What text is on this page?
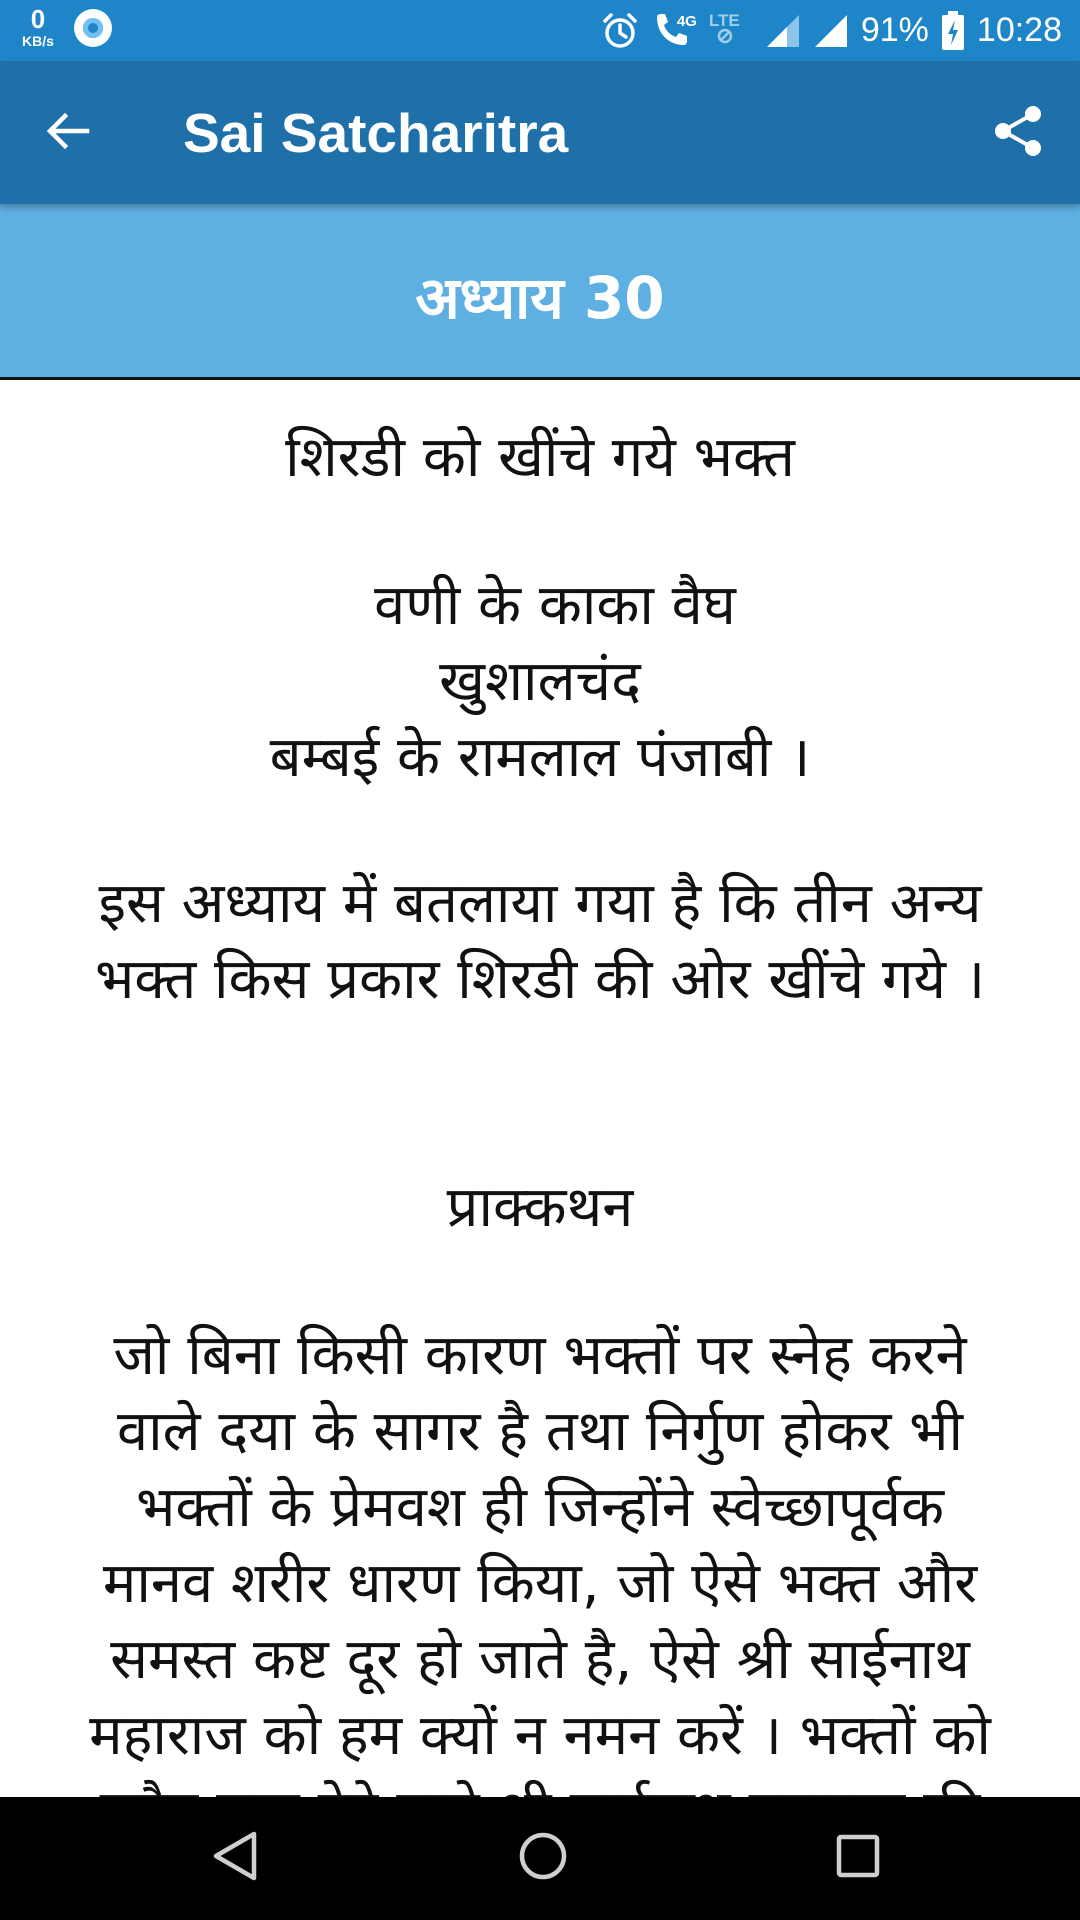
0
KB/s
4G LTE	91% 10:28
Sai Satcharitra
अध्याय 30
शिरडी को खींचे गये भक्त
वणी के काका वैघ
खुशालचंद
बम्बई के रामलाल पंजाबी ।
इस अध्याय में बतलाया गया है कि तीन अन्य
भक्त किस प्रकार शिरडी की ओर खींचे गये ।
प्राक्कथन
जो बिना किसी कारण भक्तों पर स्नेह करने
वाले दया के सागर है तथा निर्गुण होकर भी
भक्तों के प्रेमवश ही जिन्होंने स्वेच्छापूर्वक
मानव शरीर धारण किया, जो ऐसे भक्त और
समस्त कष्ट दूर हो जाते है, ऐसे श्री साईनाथ
महाराज को हम क्यों न नमन करें । भक्तों को
